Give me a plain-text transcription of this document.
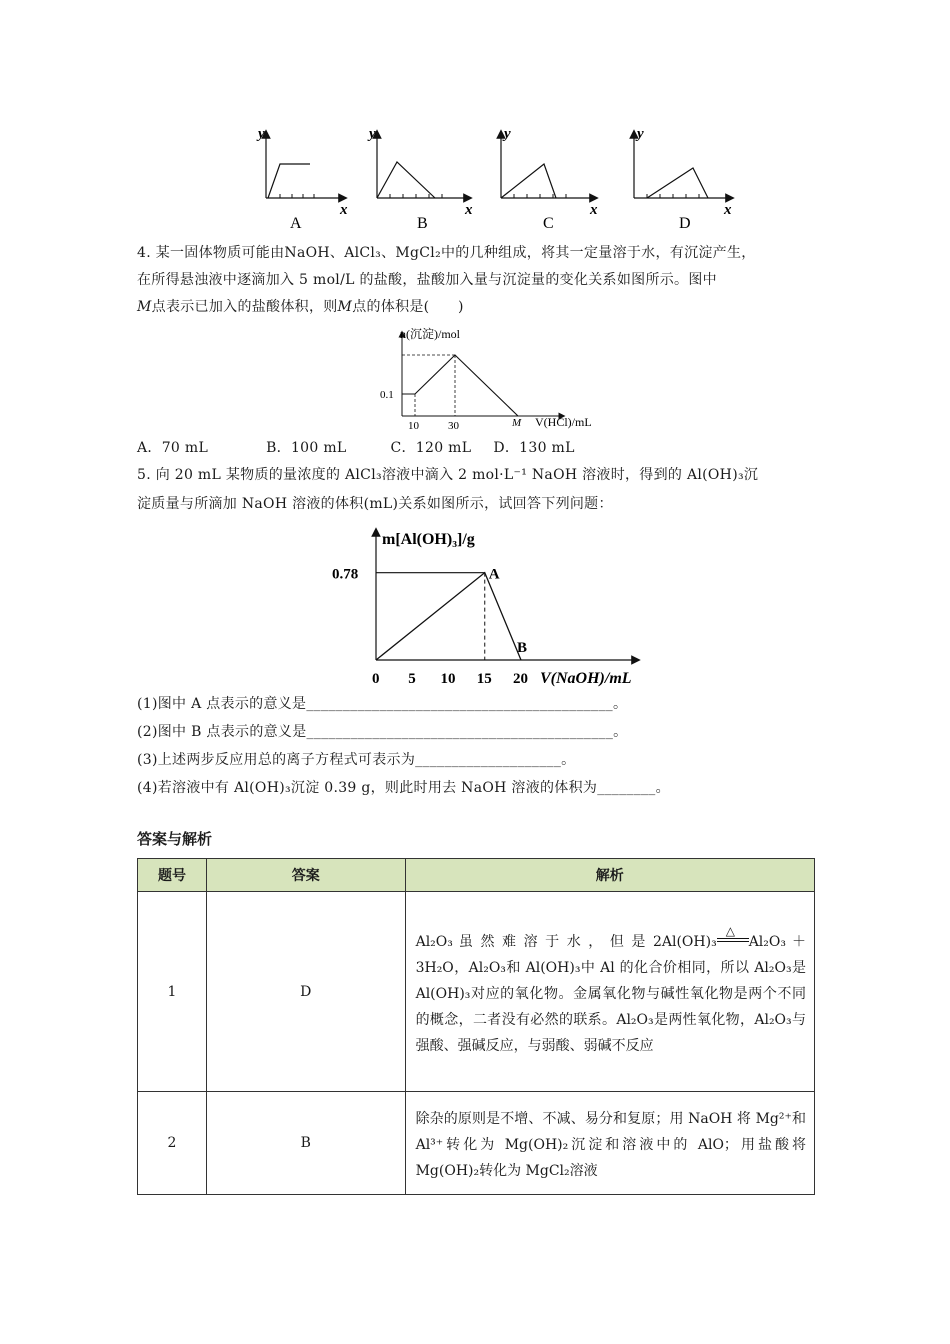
y
x
A
y
x
B
y
x
C
y
x
D
4. 某一固体物质可能由NaOH、AlCl₃、MgCl₂中的几种组成，将其一定量溶于水，有沉淀产生，
在所得悬浊液中逐滴加入 5 mol/L 的盐酸，盐酸加入量与沉淀量的变化关系如图所示。图中
M点表示已加入的盐酸体积，则M点的体积是(　　)
n(沉淀)/mol
0.1
10	30	M V(HCl)/mL
A．70 mL	B．100 mL	C．120 mL D．130 mL
5. 向 20 mL 某物质的量浓度的 AlCl₃溶液中滴入 2 mol·L⁻¹ NaOH 溶液时，得到的 Al(OH)₃沉
淀质量与所滴加 NaOH 溶液的体积(mL)关系如图所示，试回答下列问题：
0.78
0 5 10 15 20
A
B
m[Al(OH)₃]/g
V(NaOH)/mL
(1)图中 A 点表示的意义是__________________________________________。
(2)图中 B 点表示的意义是__________________________________________。
(3)上述两步反应用总的离子方程式可表示为____________________。
(4)若溶液中有 Al(OH)₃沉淀 0.39 g，则此时用去 NaOH 溶液的体积为________。
答案与解析
题号	答案	解析
1	D	Al₂O₃ 虽 然 难 溶 于 水 ， 但 是 2Al(OH)₃
△
Al₂O₃ ＋3H₂O，Al₂O₃和 Al(OH)₃中 Al 的化合价相同，所以 Al₂O₃是 Al(OH)₃对应的氧化物。金属氧化物与碱性氧化物是两个不同的概念，二者没有必然的联系。Al₂O₃是两性氧化物，Al₂O₃与强酸、强碱反应，与弱酸、弱碱不反应
2	B	除杂的原则是不增、不减、易分和复原；用 NaOH 将 Mg²⁺和 Al³⁺转化为 Mg(OH)₂沉淀和溶液中的 AlO；用盐酸将 Mg(OH)₂转化为 MgCl₂溶液
